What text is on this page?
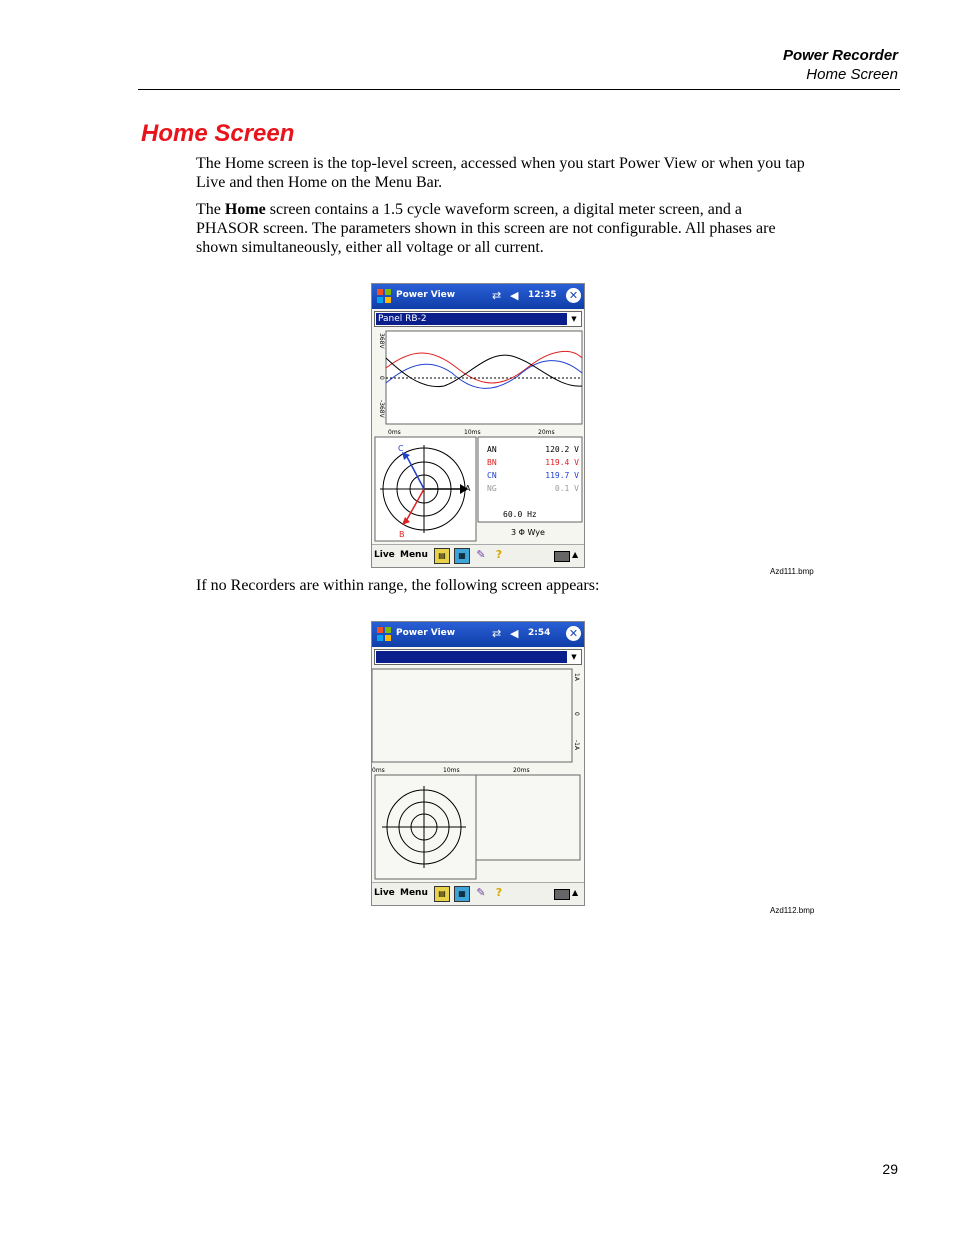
Power Recorder
Home Screen
Home Screen

The Home screen is the top-level screen, accessed when you start Power View or when you tap Live and then Home on the Menu Bar.

The Home screen contains a 1.5 cycle waveform screen, a digital meter screen, and a PHASOR screen. The parameters shown in this screen are not configurable. All phases are shown simultaneously, either all voltage or all current.

Power View	⇄ ◀ 12:35 ✕
Panel RB-2	▼
368V
0
-368V
0ms	10ms	20ms
C
A
B
AN	120.2 V
BN	119.4 V
CN	119.7 V
NG	0.1 V
60.0 Hz
3 Φ Wye
Live Menu	▤	▦ ✎ ?	▲
Azd111.bmp

If no Recorders are within range, the following screen appears:

Power View	⇄ ◀ 2:54 ✕
▼
1A
0
-1A
0ms	10ms	20ms
Live Menu	▤	▦ ✎ ?	▲
Azd112.bmp
29
